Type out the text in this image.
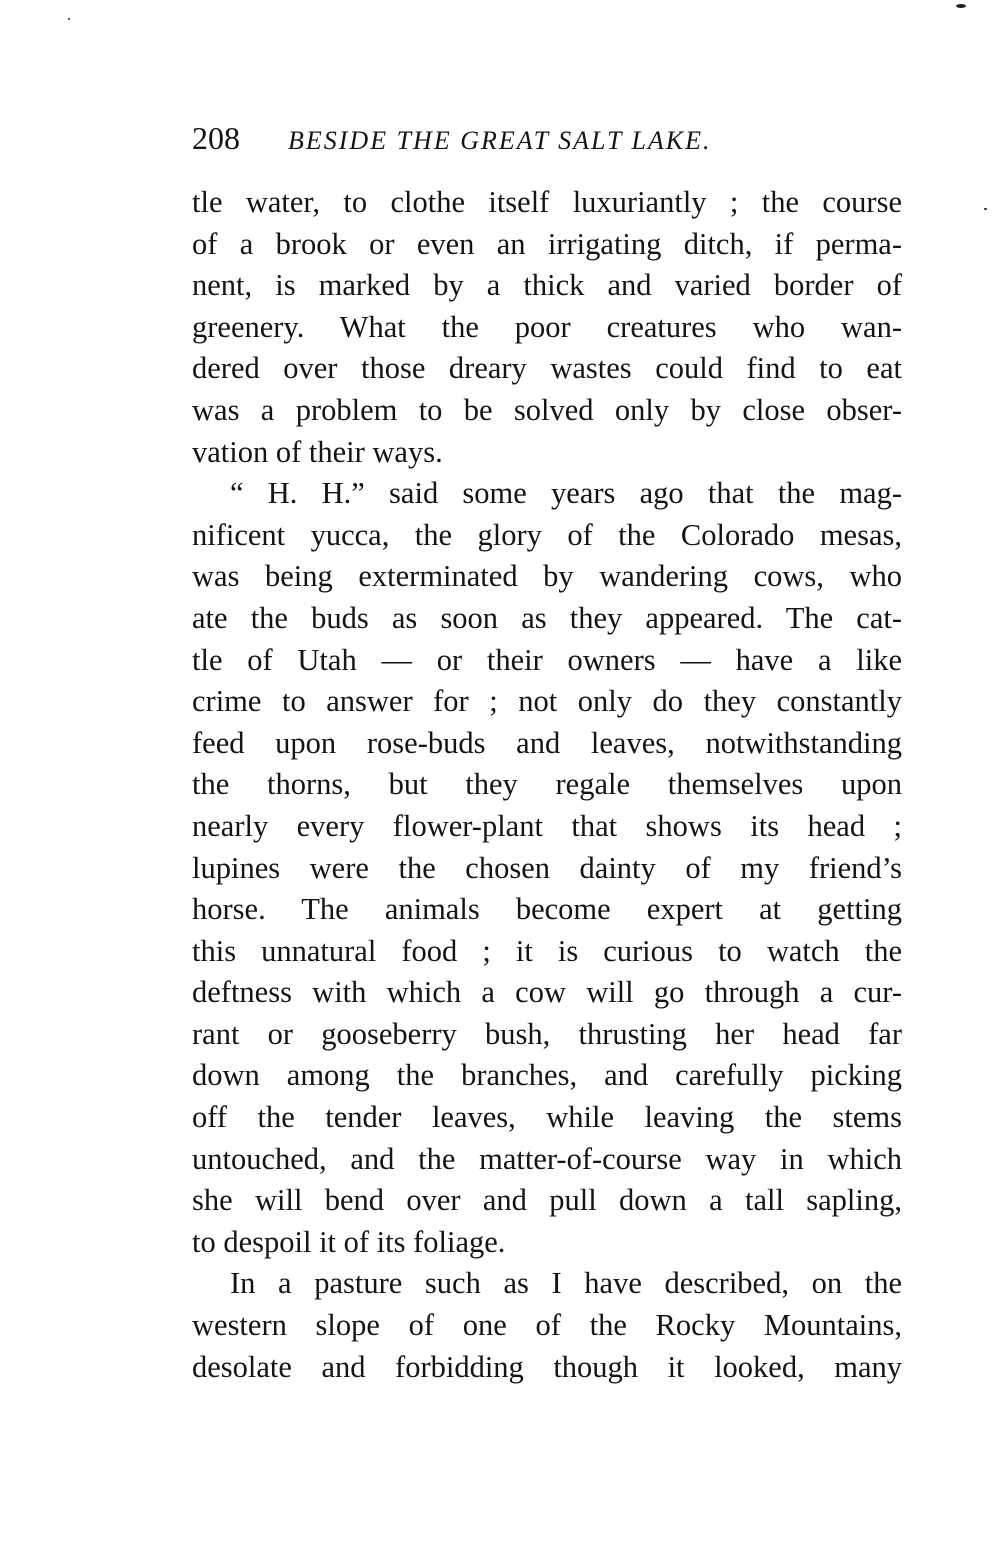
208 BESIDE THE GREAT SALT LAKE.
tle water, to clothe itself luxuriantly ; the course
of a brook or even an irrigating ditch, if perma-
nent, is marked by a thick and varied border of
greenery. What the poor creatures who wan-
dered over those dreary wastes could find to eat
was a problem to be solved only by close obser-
vation of their ways.
“ H. H.” said some years ago that the mag-
nificent yucca, the glory of the Colorado mesas,
was being exterminated by wandering cows, who
ate the buds as soon as they appeared. The cat-
tle of Utah — or their owners — have a like
crime to answer for ; not only do they constantly
feed upon rose-buds and leaves, notwithstanding
the thorns, but they regale themselves upon
nearly every flower-plant that shows its head ;
lupines were the chosen dainty of my friend’s
horse. The animals become expert at getting
this unnatural food ; it is curious to watch the
deftness with which a cow will go through a cur-
rant or gooseberry bush, thrusting her head far
down among the branches, and carefully picking
off the tender leaves, while leaving the stems
untouched, and the matter-of-course way in which
she will bend over and pull down a tall sapling,
to despoil it of its foliage.
In a pasture such as I have described, on the
western slope of one of the Rocky Mountains,
desolate and forbidding though it looked, many
